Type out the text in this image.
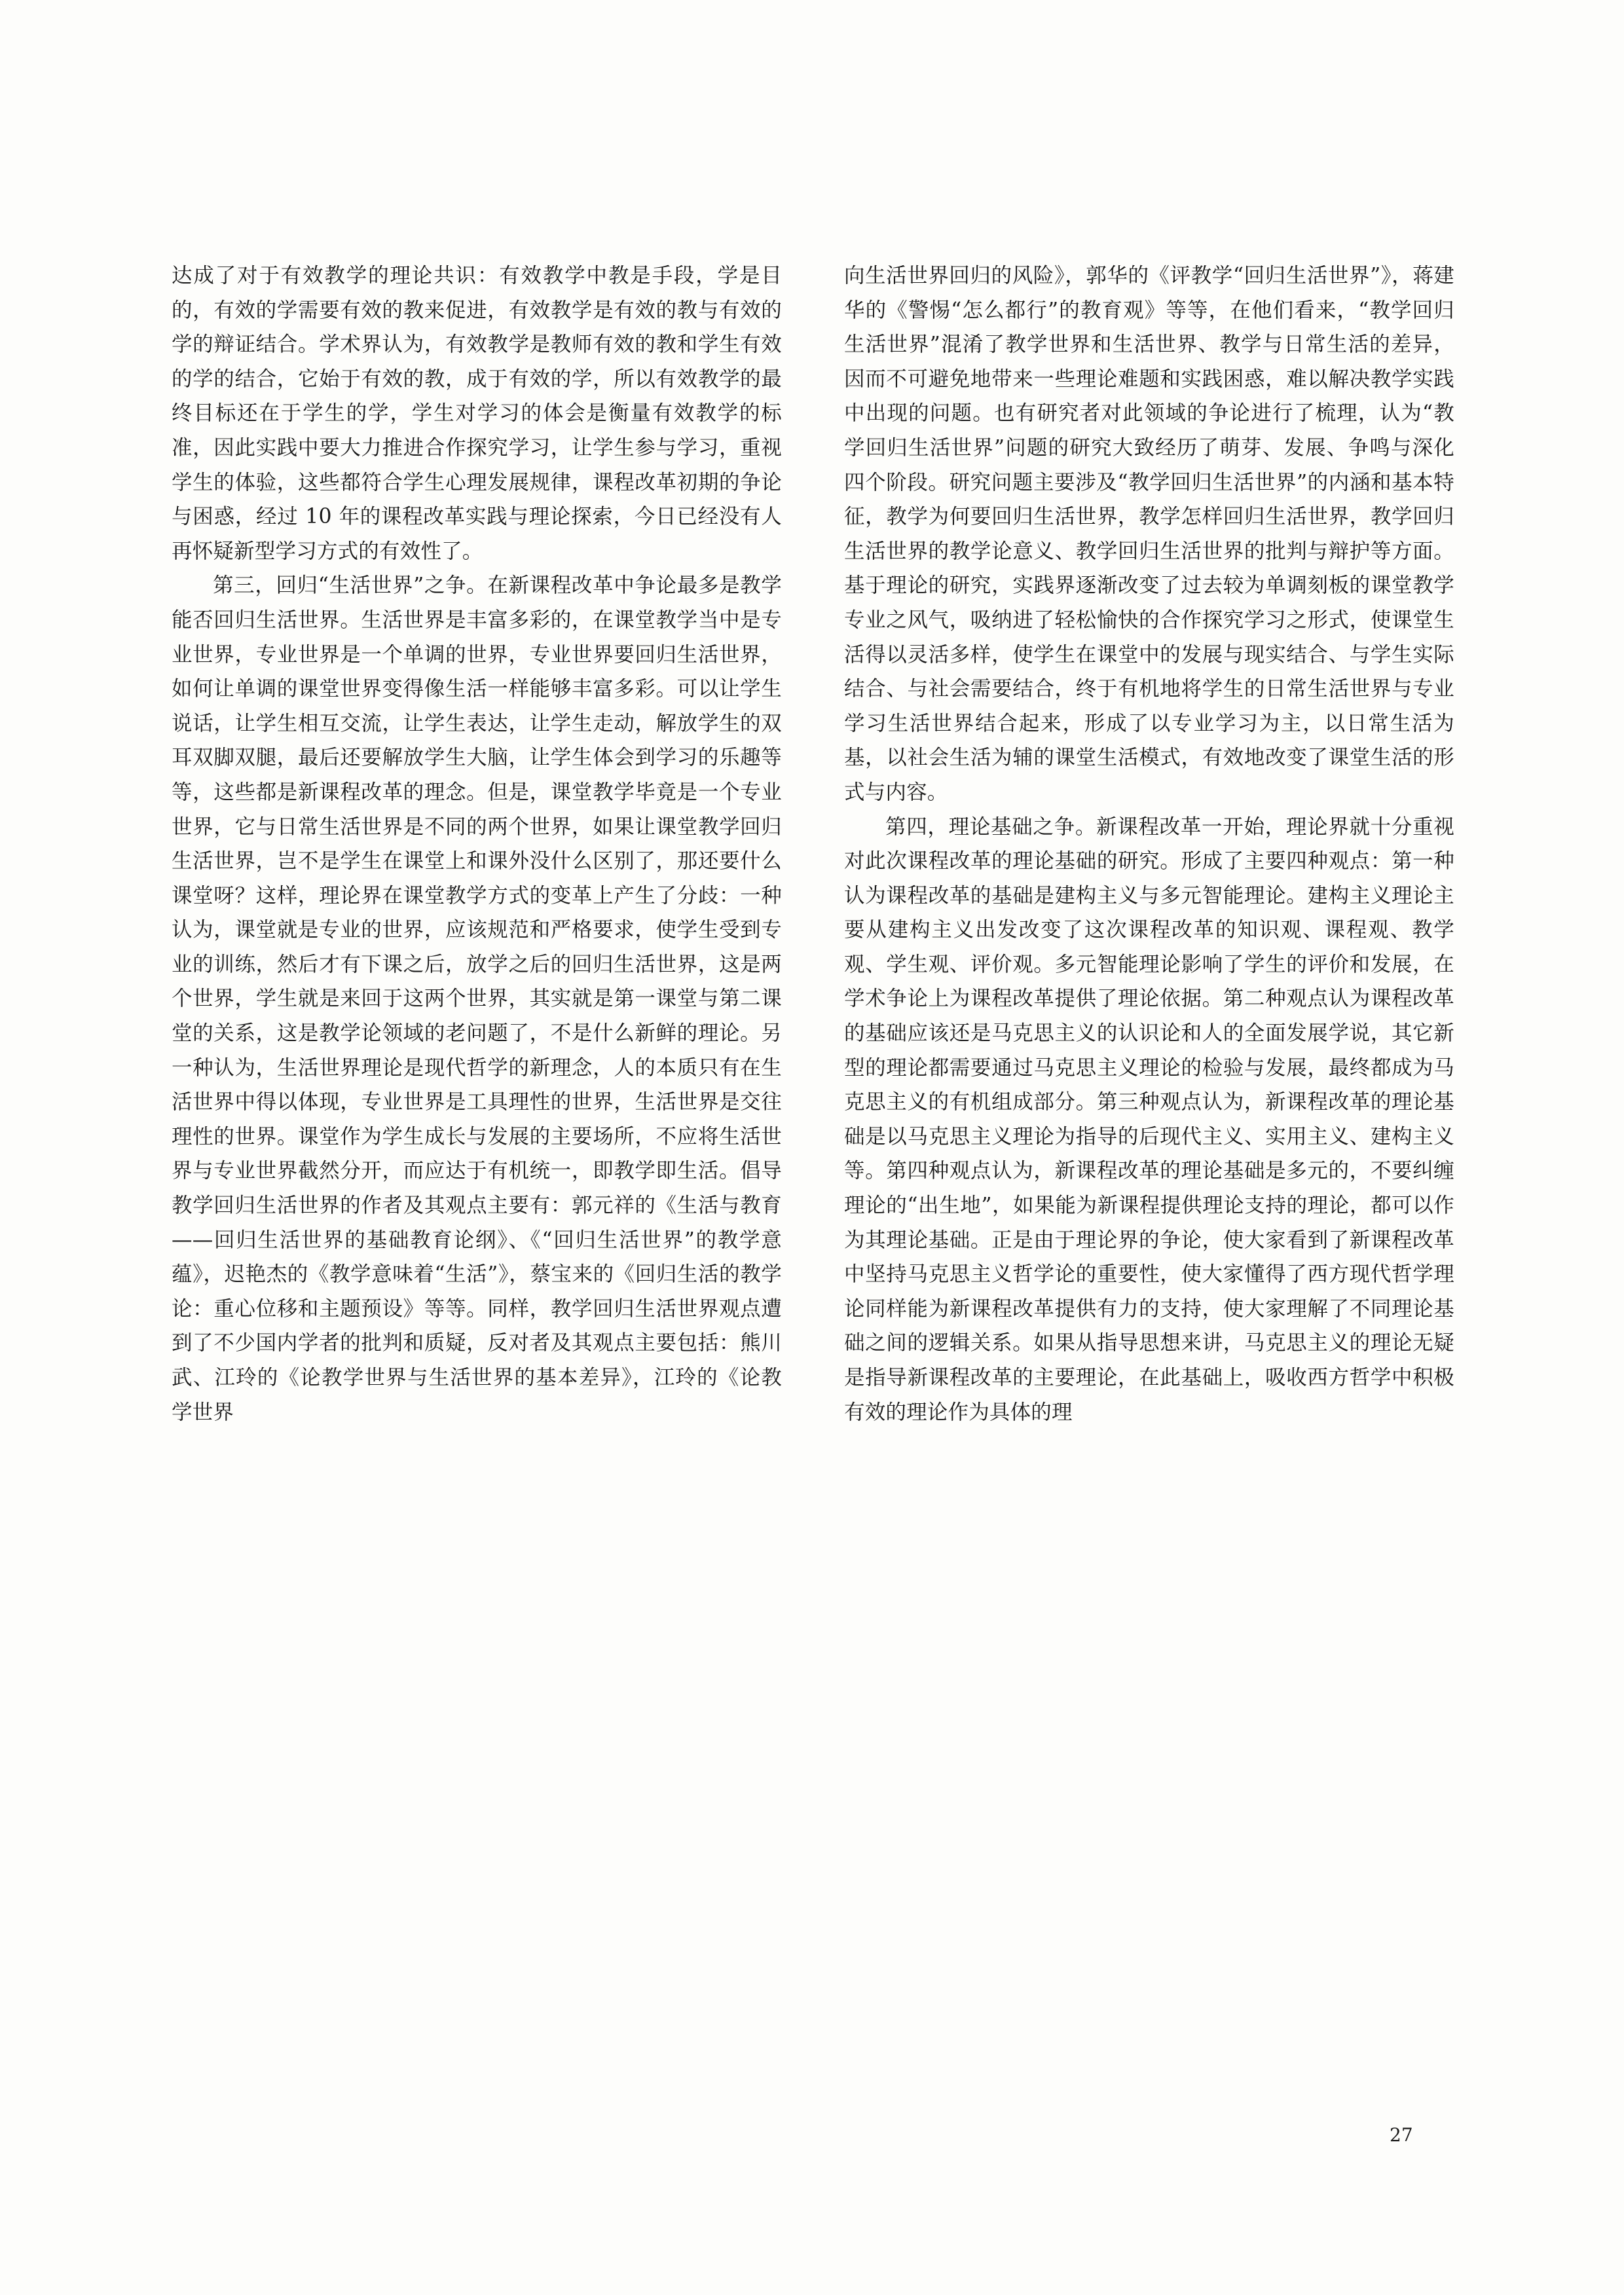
达成了对于有效教学的理论共识：有效教学中教是手段，学是目的，有效的学需要有效的教来促进，有效教学是有效的教与有效的学的辩证结合。学术界认为，有效教学是教师有效的教和学生有效的学的结合，它始于有效的教，成于有效的学，所以有效教学的最终目标还在于学生的学，学生对学习的体会是衡量有效教学的标准，因此实践中要大力推进合作探究学习，让学生参与学习，重视学生的体验，这些都符合学生心理发展规律，课程改革初期的争论与困惑，经过 10 年的课程改革实践与理论探索，今日已经没有人再怀疑新型学习方式的有效性了。

第三，回归“生活世界”之争。在新课程改革中争论最多是教学能否回归生活世界。生活世界是丰富多彩的，在课堂教学当中是专业世界，专业世界是一个单调的世界，专业世界要回归生活世界，如何让单调的课堂世界变得像生活一样能够丰富多彩。可以让学生说话，让学生相互交流，让学生表达，让学生走动，解放学生的双耳双脚双腿，最后还要解放学生大脑，让学生体会到学习的乐趣等等，这些都是新课程改革的理念。但是，课堂教学毕竟是一个专业世界，它与日常生活世界是不同的两个世界，如果让课堂教学回归生活世界，岂不是学生在课堂上和课外没什么区别了，那还要什么课堂呀？这样，理论界在课堂教学方式的变革上产生了分歧：一种认为，课堂就是专业的世界，应该规范和严格要求，使学生受到专业的训练，然后才有下课之后，放学之后的回归生活世界，这是两个世界，学生就是来回于这两个世界，其实就是第一课堂与第二课堂的关系，这是教学论领域的老问题了，不是什么新鲜的理论。另一种认为，生活世界理论是现代哲学的新理念，人的本质只有在生活世界中得以体现，专业世界是工具理性的世界，生活世界是交往理性的世界。课堂作为学生成长与发展的主要场所，不应将生活世界与专业世界截然分开，而应达于有机统一，即教学即生活。倡导教学回归生活世界的作者及其观点主要有：郭元祥的《生活与教育——回归生活世界的基础教育论纲》、《“回归生活世界”的教学意蕴》，迟艳杰的《教学意味着“生活”》，蔡宝来的《回归生活的教学论：重心位移和主题预设》等等。同样，教学回归生活世界观点遭到了不少国内学者的批判和质疑，反对者及其观点主要包括：熊川武、江玲的《论教学世界与生活世界的基本差异》，江玲的《论教学世界

向生活世界回归的风险》，郭华的《评教学“回归生活世界”》，蒋建华的《警惕“怎么都行”的教育观》等等，在他们看来，“教学回归生活世界”混淆了教学世界和生活世界、教学与日常生活的差异，因而不可避免地带来一些理论难题和实践困惑，难以解决教学实践中出现的问题。也有研究者对此领域的争论进行了梳理，认为“教学回归生活世界”问题的研究大致经历了萌芽、发展、争鸣与深化四个阶段。研究问题主要涉及“教学回归生活世界”的内涵和基本特征，教学为何要回归生活世界，教学怎样回归生活世界，教学回归生活世界的教学论意义、教学回归生活世界的批判与辩护等方面。基于理论的研究，实践界逐渐改变了过去较为单调刻板的课堂教学专业之风气，吸纳进了轻松愉快的合作探究学习之形式，使课堂生活得以灵活多样，使学生在课堂中的发展与现实结合、与学生实际结合、与社会需要结合，终于有机地将学生的日常生活世界与专业学习生活世界结合起来，形成了以专业学习为主，以日常生活为基，以社会生活为辅的课堂生活模式，有效地改变了课堂生活的形式与内容。

第四，理论基础之争。新课程改革一开始，理论界就十分重视对此次课程改革的理论基础的研究。形成了主要四种观点：第一种认为课程改革的基础是建构主义与多元智能理论。建构主义理论主要从建构主义出发改变了这次课程改革的知识观、课程观、教学观、学生观、评价观。多元智能理论影响了学生的评价和发展，在学术争论上为课程改革提供了理论依据。第二种观点认为课程改革的基础应该还是马克思主义的认识论和人的全面发展学说，其它新型的理论都需要通过马克思主义理论的检验与发展，最终都成为马克思主义的有机组成部分。第三种观点认为，新课程改革的理论基础是以马克思主义理论为指导的后现代主义、实用主义、建构主义等。第四种观点认为，新课程改革的理论基础是多元的，不要纠缠理论的“出生地”，如果能为新课程提供理论支持的理论，都可以作为其理论基础。正是由于理论界的争论，使大家看到了新课程改革中坚持马克思主义哲学论的重要性，使大家懂得了西方现代哲学理论同样能为新课程改革提供有力的支持，使大家理解了不同理论基础之间的逻辑关系。如果从指导思想来讲，马克思主义的理论无疑是指导新课程改革的主要理论，在此基础上，吸收西方哲学中积极有效的理论作为具体的理

27
